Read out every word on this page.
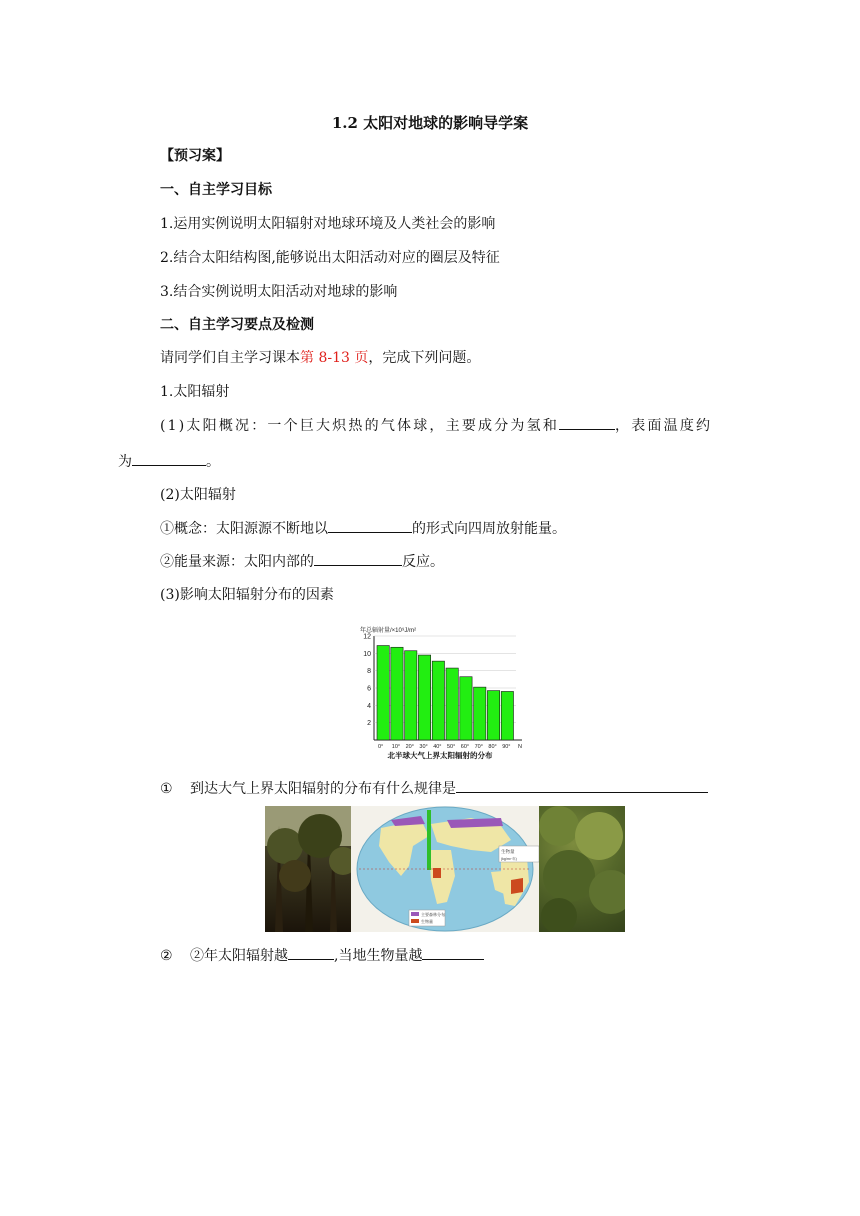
1.2 太阳对地球的影响导学案
【预习案】
一、自主学习目标
1.运用实例说明太阳辐射对地球环境及人类社会的影响
2.结合太阳结构图,能够说出太阳活动对应的圈层及特征
3.结合实例说明太阳活动对地球的影响
二、自主学习要点及检测
请同学们自主学习课本第 8-13 页，完成下列问题。
1.太阳辐射
(1)太阳概况：一个巨大炽热的气体球，主要成分为氢和	，表面温度约
为	。
(2)太阳辐射
①概念：太阳源源不断地以	的形式向四周放射能量。
②能量来源：太阳内部的	反应。
(3)影响太阳辐射分布的因素
年总辐射量/×10⁹J/m²
2
4
6
8
10
12
0° 10° 20° 30° 40° 50° 60° 70° 80° 90° N
北半球大气上界太阳辐射的分布
① 到达大气上界太阳辐射的分布有什么规律是
生物量
(kg/m²·年)
主要森林分布
生物量
② ②年太阳辐射越	,当地生物量越
